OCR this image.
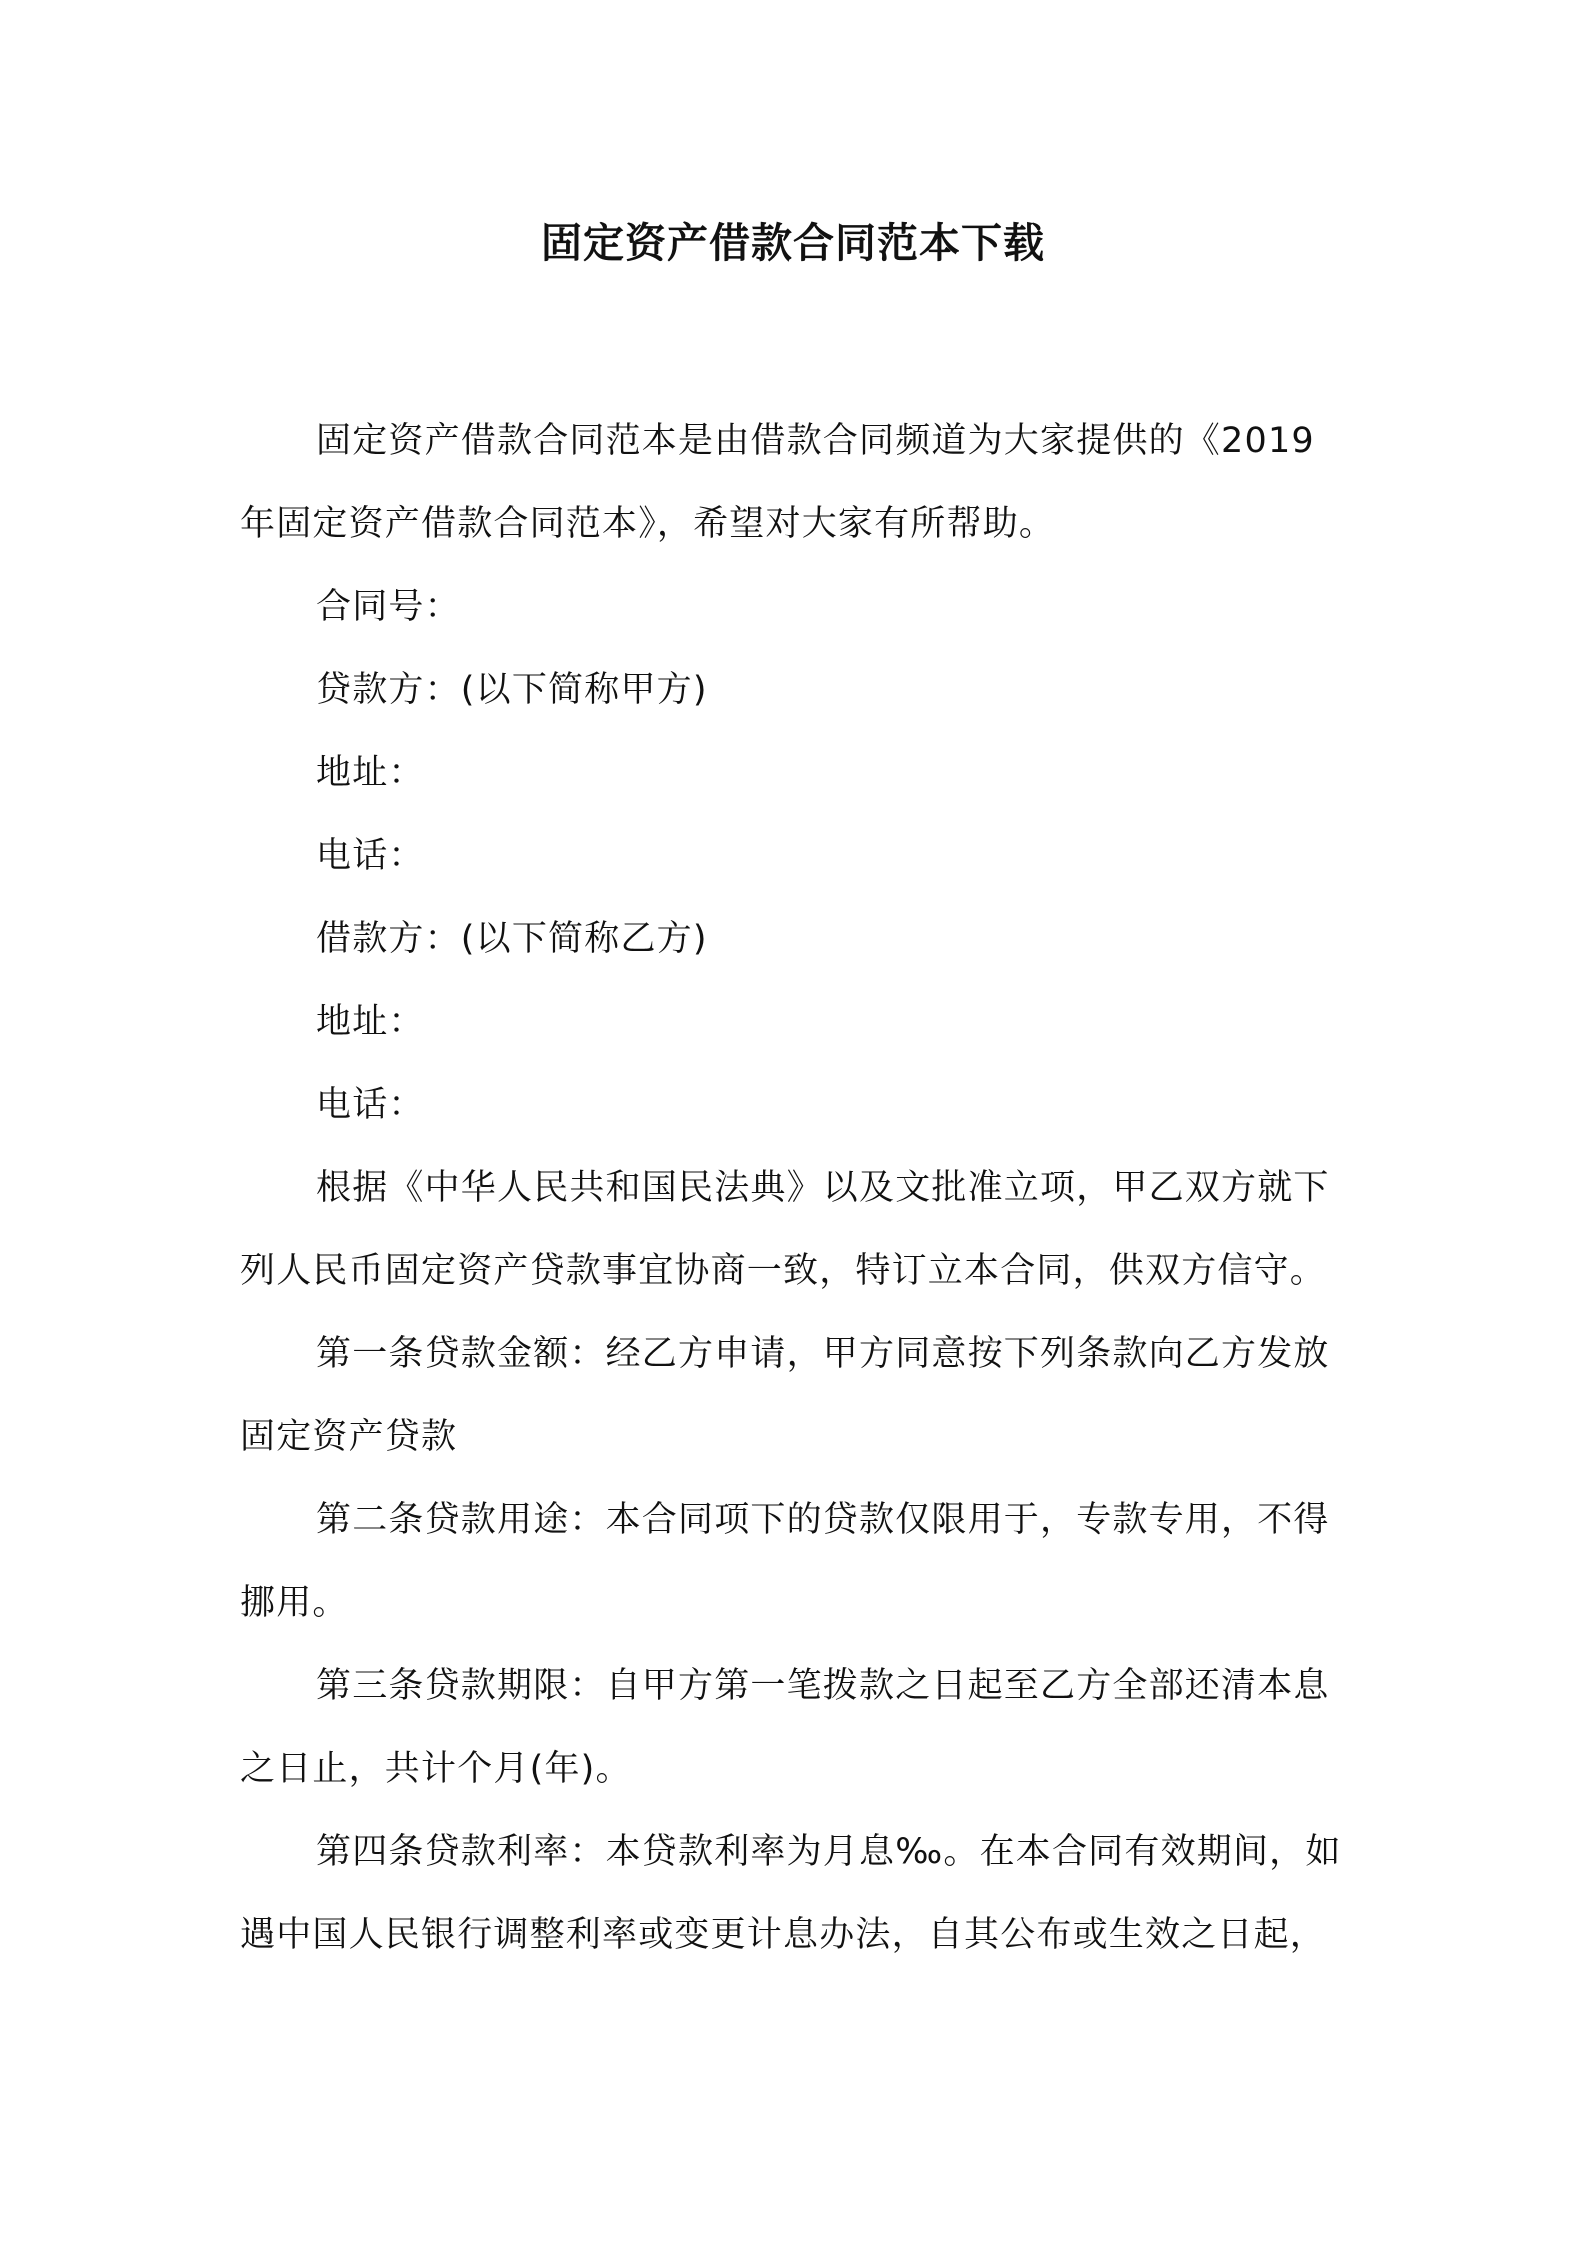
固定资产借款合同范本下载
固定资产借款合同范本是由借款合同频道为大家提供的《2019
年固定资产借款合同范本》，希望对大家有所帮助。
合同号：
贷款方：(以下简称甲方)
地址：
电话：
借款方：(以下简称乙方)
地址：
电话：
根据《中华人民共和国民法典》以及文批准立项，甲乙双方就下
列人民币固定资产贷款事宜协商一致，特订立本合同，供双方信守。
第一条贷款金额：经乙方申请，甲方同意按下列条款向乙方发放
固定资产贷款
第二条贷款用途：本合同项下的贷款仅限用于，专款专用，不得
挪用。
第三条贷款期限：自甲方第一笔拨款之日起至乙方全部还清本息
之日止，共计个月(年)。
第四条贷款利率：本贷款利率为月息‰。在本合同有效期间，如
遇中国人民银行调整利率或变更计息办法，自其公布或生效之日起，
